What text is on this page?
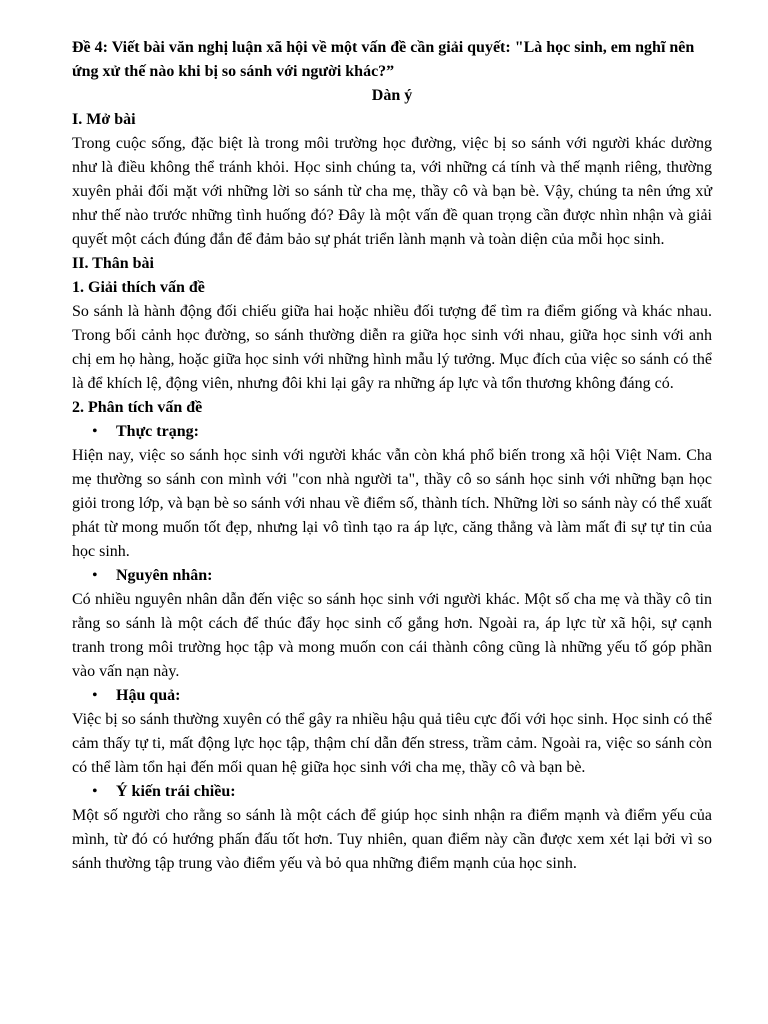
Đề 4: Viết bài văn nghị luận xã hội về một vấn đề cần giải quyết: "Là học sinh, em nghĩ nên ứng xử thế nào khi bị so sánh với người khác?”

Dàn ý

I. Mở bài

Trong cuộc sống, đặc biệt là trong môi trường học đường, việc bị so sánh với người khác dường như là điều không thể tránh khỏi. Học sinh chúng ta, với những cá tính và thế mạnh riêng, thường xuyên phải đối mặt với những lời so sánh từ cha mẹ, thầy cô và bạn bè. Vậy, chúng ta nên ứng xử như thế nào trước những tình huống đó? Đây là một vấn đề quan trọng cần được nhìn nhận và giải quyết một cách đúng đắn để đảm bảo sự phát triển lành mạnh và toàn diện của mỗi học sinh.

II. Thân bài

1. Giải thích vấn đề

So sánh là hành động đối chiếu giữa hai hoặc nhiều đối tượng để tìm ra điểm giống và khác nhau. Trong bối cảnh học đường, so sánh thường diễn ra giữa học sinh với nhau, giữa học sinh với anh chị em họ hàng, hoặc giữa học sinh với những hình mẫu lý tưởng. Mục đích của việc so sánh có thể là để khích lệ, động viên, nhưng đôi khi lại gây ra những áp lực và tổn thương không đáng có.

2. Phân tích vấn đề

• Thực trạng:

Hiện nay, việc so sánh học sinh với người khác vẫn còn khá phổ biến trong xã hội Việt Nam. Cha mẹ thường so sánh con mình với "con nhà người ta", thầy cô so sánh học sinh với những bạn học giỏi trong lớp, và bạn bè so sánh với nhau về điểm số, thành tích. Những lời so sánh này có thể xuất phát từ mong muốn tốt đẹp, nhưng lại vô tình tạo ra áp lực, căng thẳng và làm mất đi sự tự tin của học sinh.

• Nguyên nhân:

Có nhiều nguyên nhân dẫn đến việc so sánh học sinh với người khác. Một số cha mẹ và thầy cô tin rằng so sánh là một cách để thúc đẩy học sinh cố gắng hơn. Ngoài ra, áp lực từ xã hội, sự cạnh tranh trong môi trường học tập và mong muốn con cái thành công cũng là những yếu tố góp phần vào vấn nạn này.

• Hậu quả:

Việc bị so sánh thường xuyên có thể gây ra nhiều hậu quả tiêu cực đối với học sinh. Học sinh có thể cảm thấy tự ti, mất động lực học tập, thậm chí dẫn đến stress, trầm cảm. Ngoài ra, việc so sánh còn có thể làm tổn hại đến mối quan hệ giữa học sinh với cha mẹ, thầy cô và bạn bè.

• Ý kiến trái chiều:

Một số người cho rằng so sánh là một cách để giúp học sinh nhận ra điểm mạnh và điểm yếu của mình, từ đó có hướng phấn đấu tốt hơn. Tuy nhiên, quan điểm này cần được xem xét lại bởi vì so sánh thường tập trung vào điểm yếu và bỏ qua những điểm mạnh của học sinh.
